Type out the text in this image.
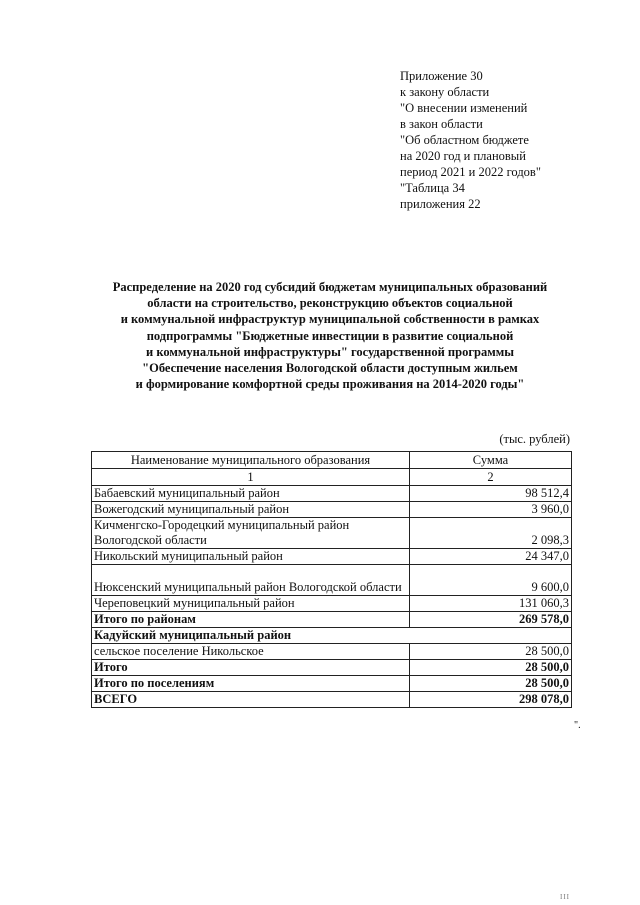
Приложение 30
к закону области
"О внесении изменений
в закон области
"Об областном бюджете
на 2020 год и плановый
период 2021 и 2022 годов"
"Таблица 34
приложения 22
Распределение на 2020 год субсидий бюджетам муниципальных образований
области на строительство, реконструкцию объектов социальной
и коммунальной инфраструктур муниципальной собственности в рамках
подпрограммы "Бюджетные инвестиции в развитие социальной
и коммунальной инфраструктуры" государственной программы
"Обеспечение населения Вологодской области доступным жильем
и формирование комфортной среды проживания на 2014-2020 годы"
(тыс. рублей)
Наименование муниципального образования	Сумма
1	2
Бабаевский муниципальный район	98 512,4
Вожегодский муниципальный район	3 960,0
Кичменгско-Городецкий муниципальный район Вологодской области	2 098,3
Никольский муниципальный район	24 347,0
Нюксенский муниципальный район Вологодской области	9 600,0
Череповецкий муниципальный район	131 060,3
Итого по районам	269 578,0
Кадуйский муниципальный район	
сельское поселение Никольское	28 500,0
Итого	28 500,0
Итого по поселениям	28 500,0
ВСЕГО	298 078,0
".
III
